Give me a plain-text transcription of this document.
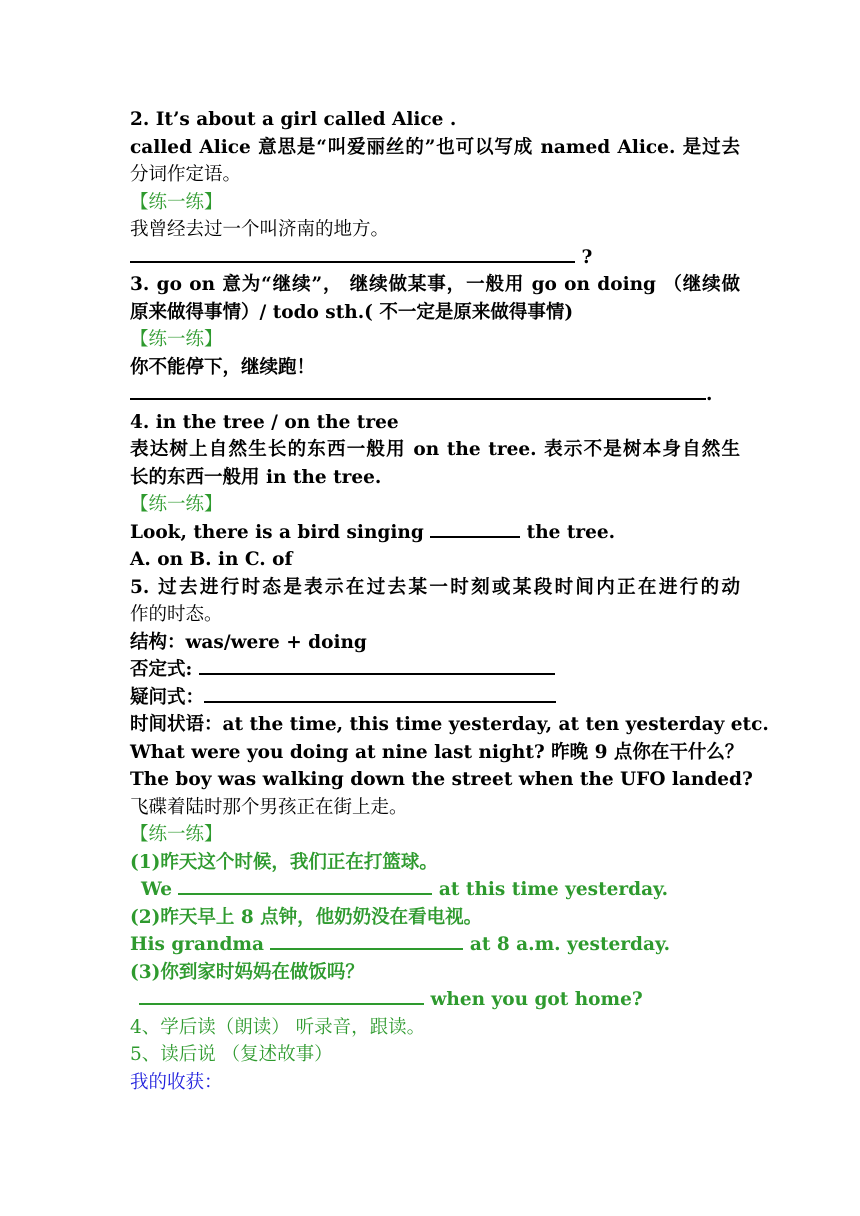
2. It’s about a girl called Alice .
called Alice 意思是“叫爱丽丝的”也可以写成 named Alice. 是过去
分词作定语。
【练一练】
我曾经去过一个叫济南的地方。
?
3. go on 意为“继续”， 继续做某事，一般用 go on doing （继续做
原来做得事情）/ todo sth.( 不一定是原来做得事情)
【练一练】
你不能停下，继续跑！
.
4. in the tree / on the tree
表达树上自然生长的东西一般用 on the tree. 表示不是树本身自然生
长的东西一般用 in the tree.
【练一练】
Look, there is a bird singing	the tree.
A. on B. in C. of
5. 过去进行时态是表示在过去某一时刻或某段时间内正在进行的动
作的时态。
结构：was/were + doing
否定式:
疑问式：
时间状语：at the time, this time yesterday, at ten yesterday etc.
What were you doing at nine last night? 昨晚 9 点你在干什么？
The boy was walking down the street when the UFO landed?
飞碟着陆时那个男孩正在街上走。
【练一练】
(1)昨天这个时候，我们正在打篮球。
We	at this time yesterday.
(2)昨天早上 8 点钟，他奶奶没在看电视。
His grandma	at 8 a.m. yesterday.
(3)你到家时妈妈在做饭吗？
when you got home?
4、学后读（朗读） 听录音，跟读。
5、读后说 （复述故事）
我的收获：
